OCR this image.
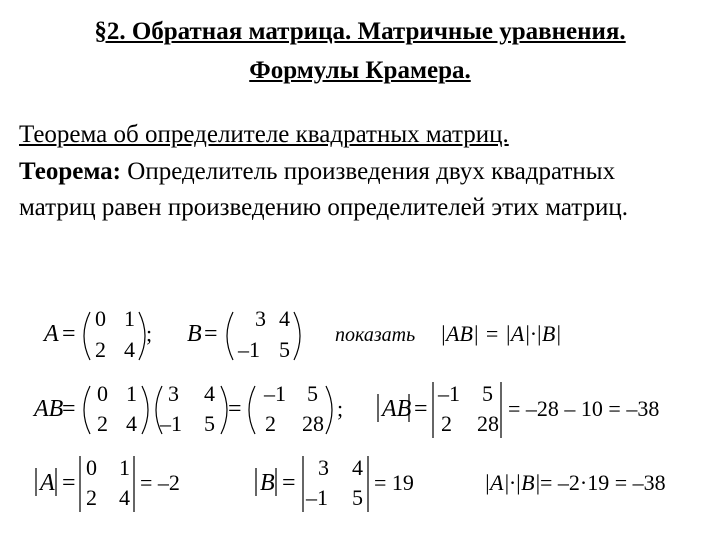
§2. Обратная матрица. Матричные уравнения.
Формулы Крамера.
Теорема об определителе квадратных матриц.
Теорема: Определитель произведения двух квадратных
матриц равен произведению определителей этих матриц.
A =
0 1
2 4
; B =
3 4
–1 5
показать |AB| = |A|·|B|
AB
=
0 1
2 4
3 4
–1 5
=
–1 5
2 28
; AB =
–1 5
2 28
= –28 – 10 = –38
A =
0 1
2 4
= –2	B =
3 4
–1 5
= 19	|A|·|B| = –2·19 = –38
